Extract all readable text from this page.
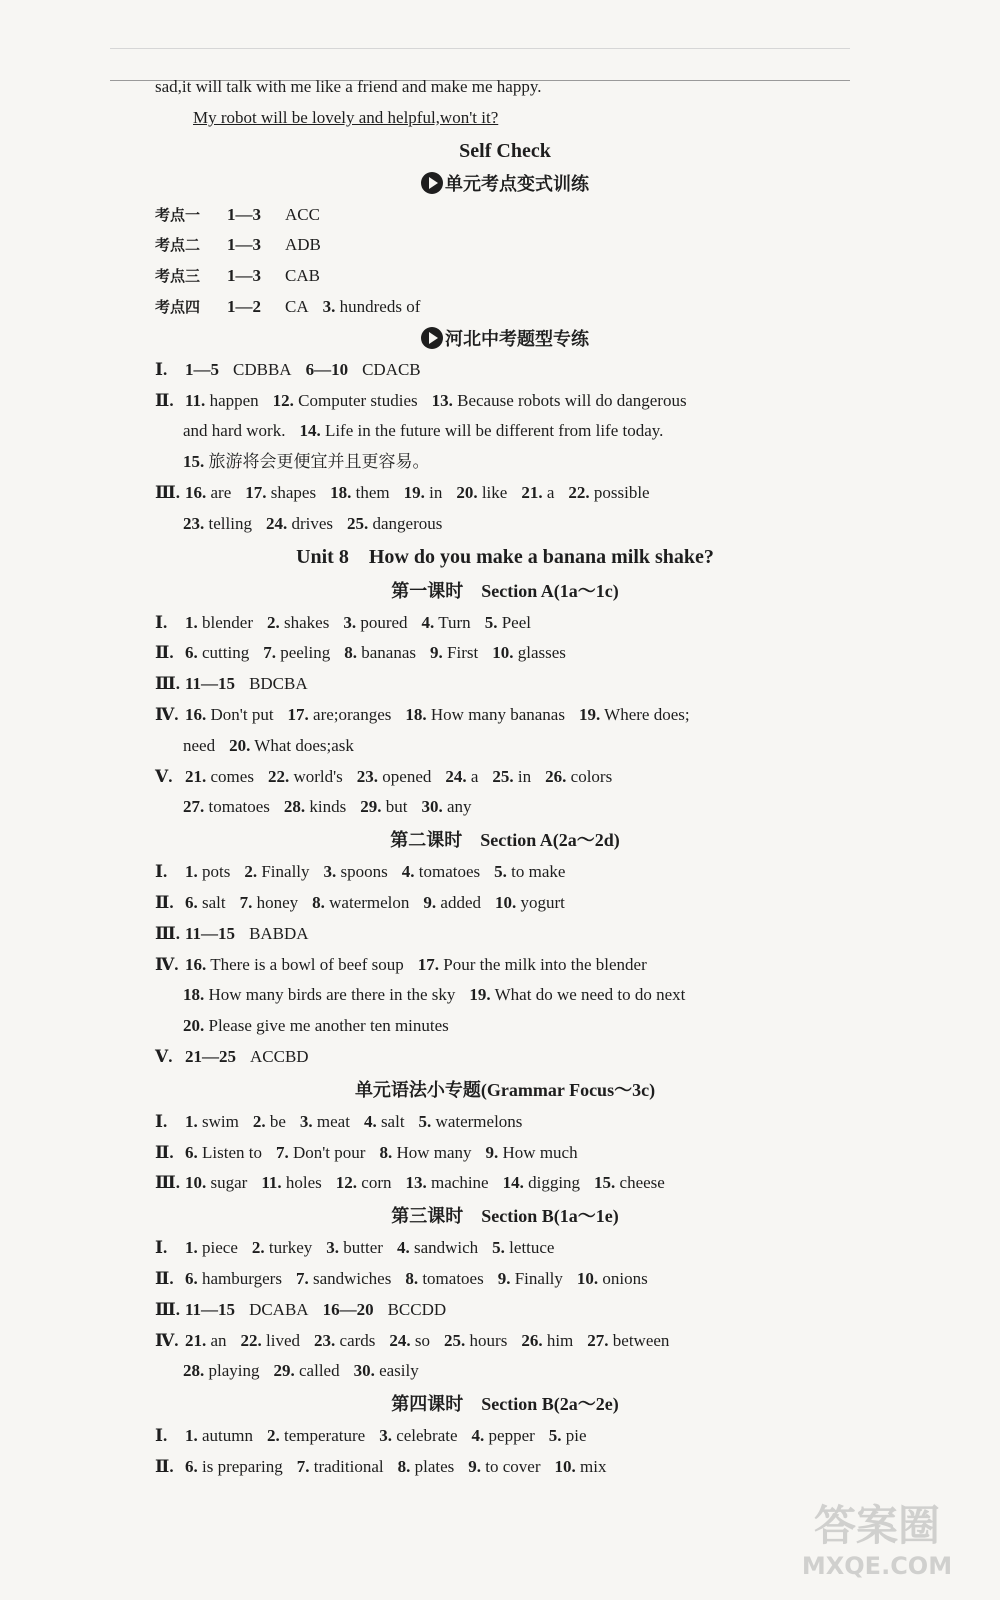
sad,it will talk with me like a friend and make me happy.
My robot will be lovely and helpful,won't it?
Self Check
单元考点变式训练
考点一 1—3 ACC
考点二 1—3 ADB
考点三 1—3 CAB
考点四 1—2 CA 3. hundreds of
河北中考题型专练
Ⅰ. 1—5 CDBBA 6—10 CDACB
Ⅱ. 11. happen 12. Computer studies 13. Because robots will do dangerous
and hard work. 14. Life in the future will be different from life today.
15. 旅游将会更便宜并且更容易。
Ⅲ. 16. are 17. shapes 18. them 19. in 20. like 21. a 22. possible
23. telling 24. drives 25. dangerous
Unit 8　How do you make a banana milk shake?
第一课时　Section A(1a～1c)
Ⅰ. 1. blender 2. shakes 3. poured 4. Turn 5. Peel
Ⅱ. 6. cutting 7. peeling 8. bananas 9. First 10. glasses
Ⅲ. 11—15 BDCBA
Ⅳ. 16. Don't put 17. are;oranges 18. How many bananas 19. Where does;
need 20. What does;ask
Ⅴ. 21. comes 22. world's 23. opened 24. a 25. in 26. colors
27. tomatoes 28. kinds 29. but 30. any
第二课时　Section A(2a～2d)
Ⅰ. 1. pots 2. Finally 3. spoons 4. tomatoes 5. to make
Ⅱ. 6. salt 7. honey 8. watermelon 9. added 10. yogurt
Ⅲ. 11—15 BABDA
Ⅳ. 16. There is a bowl of beef soup 17. Pour the milk into the blender
18. How many birds are there in the sky 19. What do we need to do next
20. Please give me another ten minutes
Ⅴ. 21—25 ACCBD
单元语法小专题(Grammar Focus～3c)
Ⅰ. 1. swim 2. be 3. meat 4. salt 5. watermelons
Ⅱ. 6. Listen to 7. Don't pour 8. How many 9. How much
Ⅲ. 10. sugar 11. holes 12. corn 13. machine 14. digging 15. cheese
第三课时　Section B(1a～1e)
Ⅰ. 1. piece 2. turkey 3. butter 4. sandwich 5. lettuce
Ⅱ. 6. hamburgers 7. sandwiches 8. tomatoes 9. Finally 10. onions
Ⅲ. 11—15 DCABA 16—20 BCCDD
Ⅳ. 21. an 22. lived 23. cards 24. so 25. hours 26. him 27. between
28. playing 29. called 30. easily
第四课时　Section B(2a～2e)
Ⅰ. 1. autumn 2. temperature 3. celebrate 4. pepper 5. pie
Ⅱ. 6. is preparing 7. traditional 8. plates 9. to cover 10. mix
答案圈
MXQE.COM
